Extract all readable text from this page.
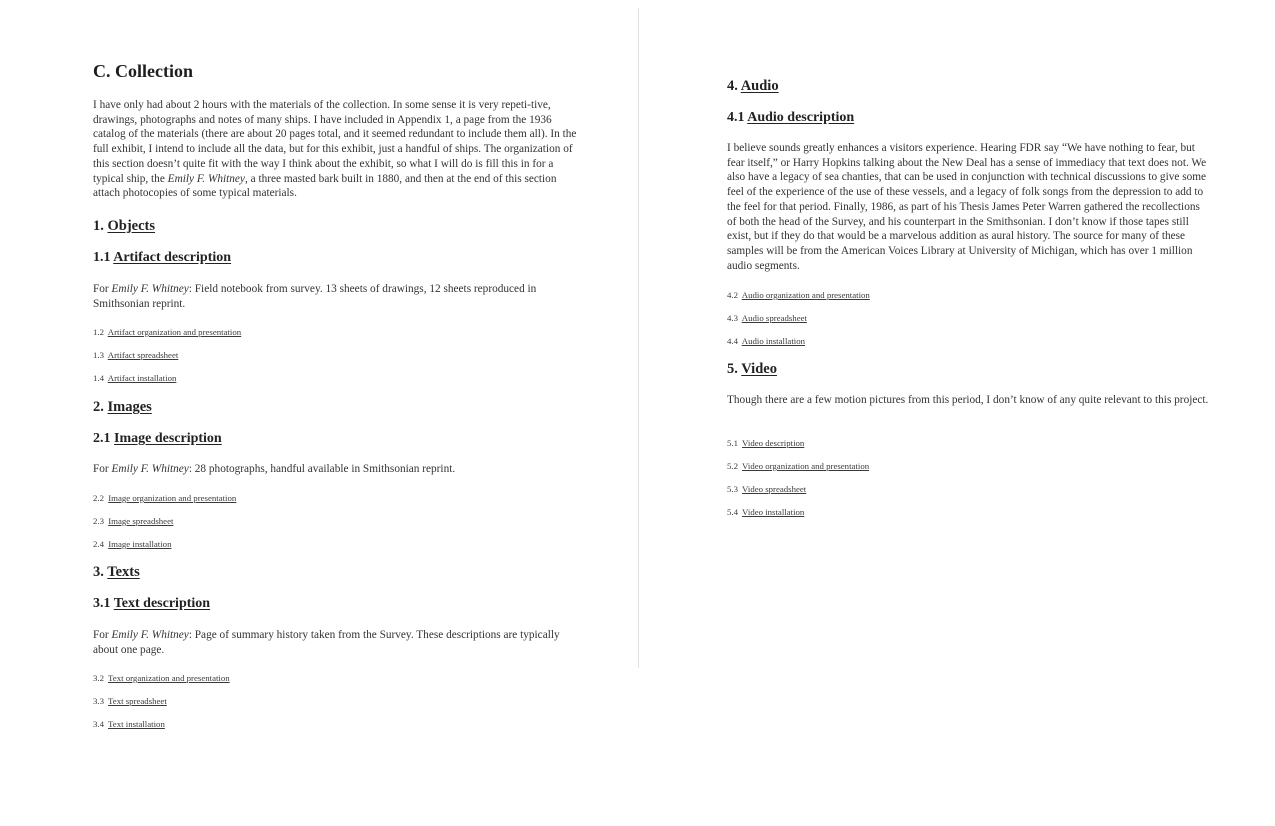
C. Collection

I have only had about 2 hours with the materials of the collection. In some sense it is very repeti-tive, drawings, photographs and notes of many ships. I have included in Appendix 1, a page from the 1936 catalog of the materials (there are about 20 pages total, and it seemed redundant to include them all). In the full exhibit, I intend to include all the data, but for this exhibit, just a handful of ships. The organization of this section doesn’t quite fit with the way I think about the exhibit, so what I will do is fill this in for a typical ship, the Emily F. Whitney, a three masted bark built in 1880, and then at the end of this section attach photocopies of some typical materials.

1. Objects
1.1 Artifact description

For Emily F. Whitney: Field notebook from survey. 13 sheets of drawings, 12 sheets reproduced in Smithsonian reprint.

1.2 Artifact organization and presentation
1.3 Artifact spreadsheet
1.4 Artifact installation
2. Images
2.1 Image description

For Emily F. Whitney: 28 photographs, handful available in Smithsonian reprint.

2.2 Image organization and presentation
2.3 Image spreadsheet
2.4 Image installation
3. Texts
3.1 Text description

For Emily F. Whitney: Page of summary history taken from the Survey. These descriptions are typically about one page.

3.2 Text organization and presentation
3.3 Text spreadsheet
3.4 Text installation
4. Audio
4.1 Audio description

I believe sounds greatly enhances a visitors experience. Hearing FDR say “We have nothing to fear, but fear itself,” or Harry Hopkins talking about the New Deal has a sense of immediacy that text does not. We also have a legacy of sea chanties, that can be used in conjunction with technical discussions to give some feel of the experience of the use of these vessels, and a legacy of folk songs from the depression to add to the feel for that period. Finally, 1986, as part of his Thesis James Peter Warren gathered the recollections of both the head of the Survey, and his counterpart in the Smithsonian. I don’t know if those tapes still exist, but if they do that would be a marvelous addition as aural history. The source for many of these samples will be from the American Voices Library at University of Michigan, which has over 1 million audio segments.

4.2 Audio organization and presentation
4.3 Audio spreadsheet
4.4 Audio installation
5. Video

Though there are a few motion pictures from this period, I don’t know of any quite relevant to this project.

5.1 Video description
5.2 Video organization and presentation
5.3 Video spreadsheet
5.4 Video installation
